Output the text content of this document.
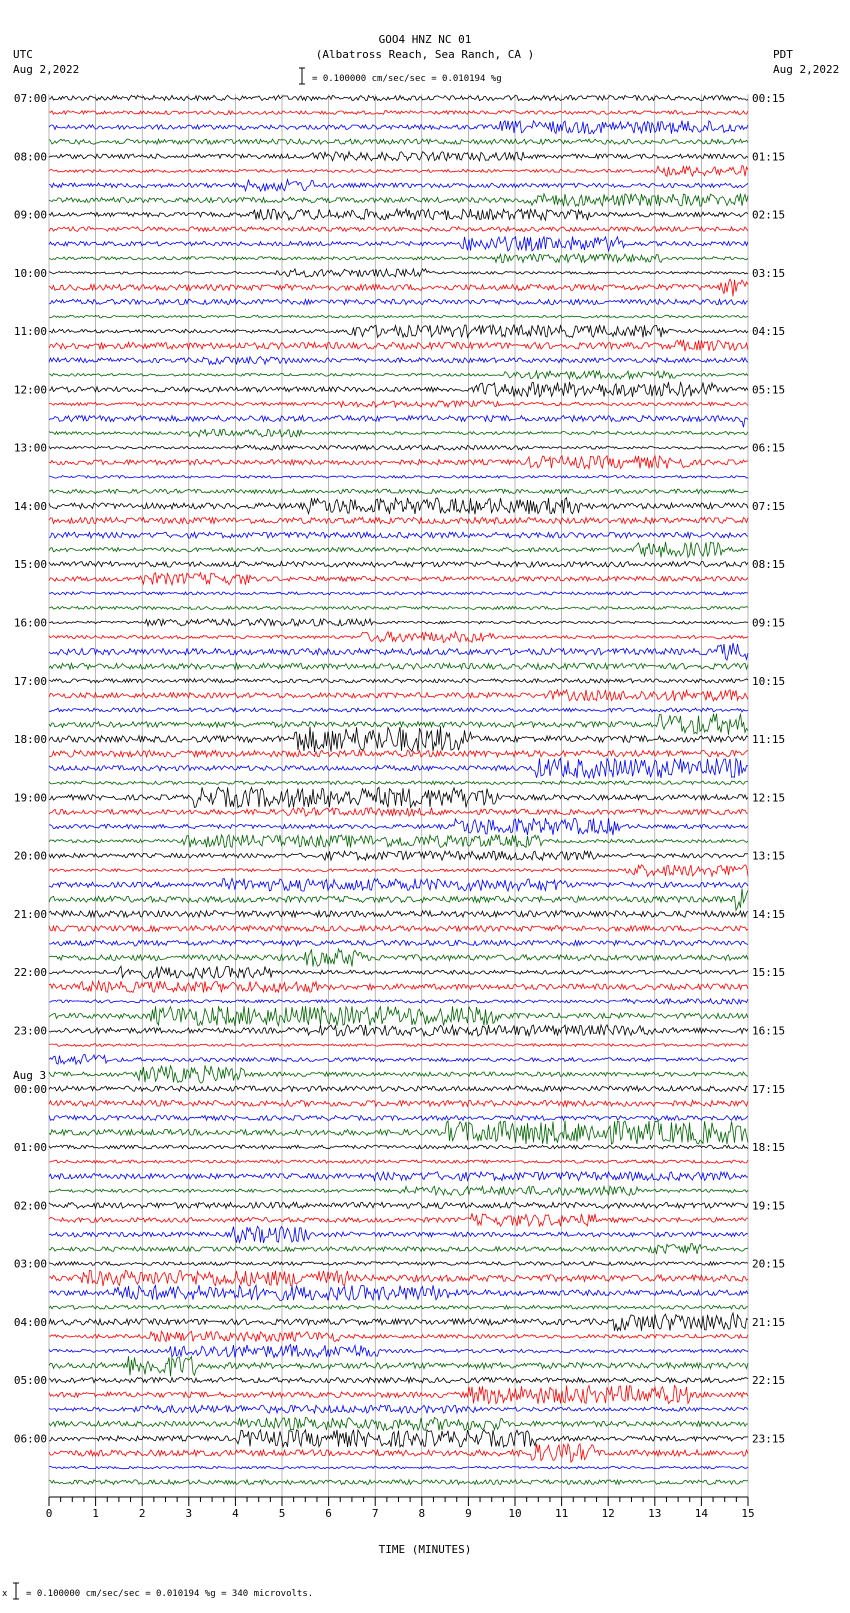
GOO4 HNZ NC 01
(Albatross Reach, Sea Ranch, CA )
UTC
Aug 2,2022
PDT
Aug 2,2022
= 0.100000 cm/sec/sec = 0.010194 %g
07:00
08:00
09:00
10:00
11:00
12:00
13:00
14:00
15:00
16:00
17:00
18:00
19:00
20:00
21:00
22:00
23:00
00:00
Aug 3
01:00
02:00
03:00
04:00
05:00
06:00
00:15
01:15
02:15
03:15
04:15
05:15
06:15
07:15
08:15
09:15
10:15
11:15
12:15
13:15
14:15
15:15
16:15
17:15
18:15
19:15
20:15
21:15
22:15
23:15
0	1	2	3	4	5	6	7	8	9	10	11	12	13	14	15
TIME (MINUTES)
x = 0.100000 cm/sec/sec = 0.010194 %g = 340 microvolts.
